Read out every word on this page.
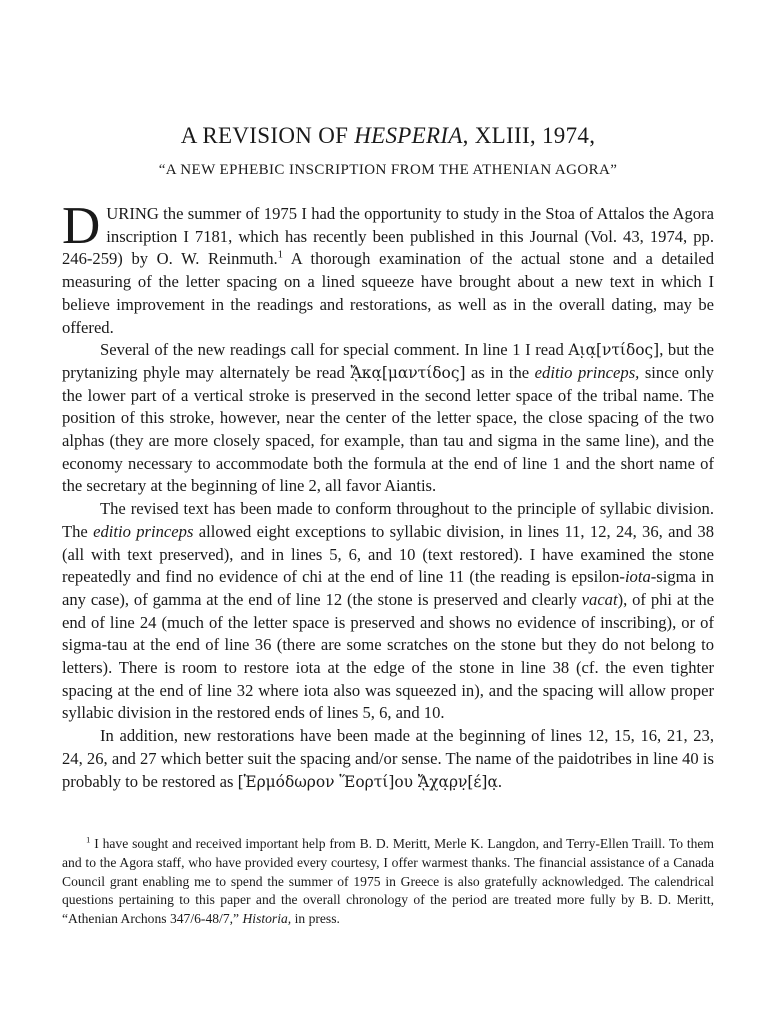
A REVISION OF HESPERIA, XLIII, 1974,
“A NEW EPHEBIC INSCRIPTION FROM THE ATHENIAN AGORA”

DURING the summer of 1975 I had the opportunity to study in the Stoa of Attalos the Agora inscription I 7181, which has recently been published in this Journal (Vol. 43, 1974, pp. 246-259) by O. W. Reinmuth.$^1$ A thorough examination of the actual stone and a detailed measuring of the letter spacing on a lined squeeze have brought about a new text in which I believe improvement in the readings and restorations, as well as in the overall dating, may be offered.

Several of the new readings call for special comment. In line 1 I read Αι̣α̣[ντίδος], but the prytanizing phyle may alternately be read ᾌκα̣[μαντίδος] as in the editio princeps, since only the lower part of a vertical stroke is preserved in the second letter space of the tribal name. The position of this stroke, however, near the center of the letter space, the close spacing of the two alphas (they are more closely spaced, for example, than tau and sigma in the same line), and the economy necessary to accommodate both the formula at the end of line 1 and the short name of the secretary at the beginning of line 2, all favor Aiantis.

The revised text has been made to conform throughout to the principle of syllabic division. The editio princeps allowed eight exceptions to syllabic division, in lines 11, 12, 24, 36, and 38 (all with text preserved), and in lines 5, 6, and 10 (text restored). I have examined the stone repeatedly and find no evidence of chi at the end of line 11 (the reading is epsilon-iota-sigma in any case), of gamma at the end of line 12 (the stone is preserved and clearly vacat), of phi at the end of line 24 (much of the letter space is preserved and shows no evidence of inscribing), or of sigma-tau at the end of line 36 (there are some scratches on the stone but they do not belong to letters). There is room to restore iota at the edge of the stone in line 38 (cf. the even tighter spacing at the end of line 32 where iota also was squeezed in), and the spacing will allow proper syllabic division in the restored ends of lines 5, 6, and 10.

In addition, new restorations have been made at the beginning of lines 12, 15, 16, 21, 23, 24, 26, and 27 which better suit the spacing and/or sense. The name of the paidotribes in line 40 is probably to be restored as [Ἑρμόδωρον Ἕορτί]ου ᾌχα̣ρ̣ν̣[έ]α̣.

$^1$ I have sought and received important help from B. D. Meritt, Merle K. Langdon, and Terry-Ellen Traill. To them and to the Agora staff, who have provided every courtesy, I offer warmest thanks. The financial assistance of a Canada Council grant enabling me to spend the summer of 1975 in Greece is also gratefully acknowledged. The calendrical questions pertaining to this paper and the overall chronology of the period are treated more fully by B. D. Meritt, “Athenian Archons 347/6-48/7,” Historia, in press.
